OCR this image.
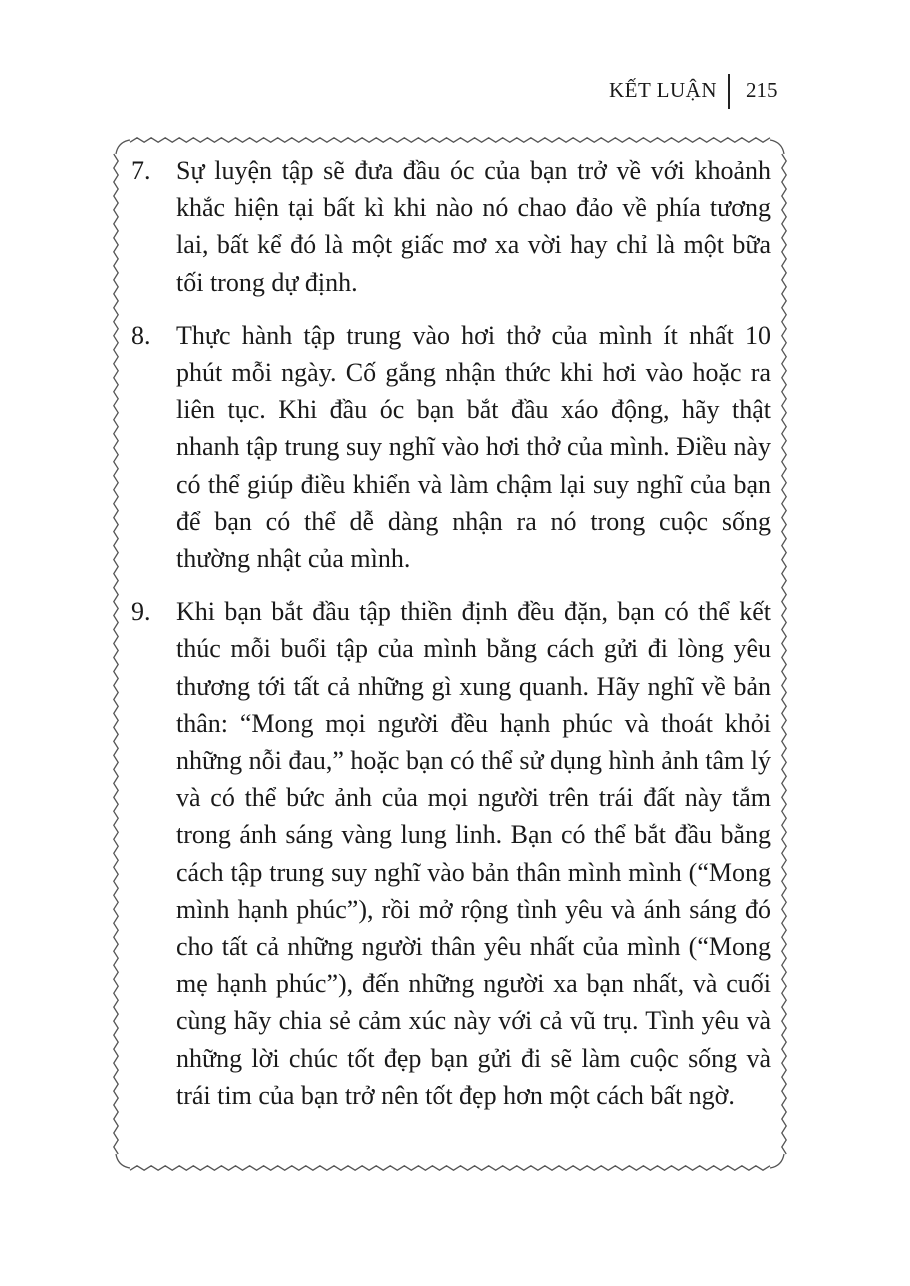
KẾT LUẬN 215
7. Sự luyện tập sẽ đưa đầu óc của bạn trở về với khoảnh khắc hiện tại bất kì khi nào nó chao đảo về phía tương lai, bất kể đó là một giấc mơ xa vời hay chỉ là một bữa tối trong dự định.
8. Thực hành tập trung vào hơi thở của mình ít nhất 10 phút mỗi ngày. Cố gắng nhận thức khi hơi vào hoặc ra liên tục. Khi đầu óc bạn bắt đầu xáo động, hãy thật nhanh tập trung suy nghĩ vào hơi thở của mình. Điều này có thể giúp điều khiển và làm chậm lại suy nghĩ của bạn để bạn có thể dễ dàng nhận ra nó trong cuộc sống thường nhật của mình.
9. Khi bạn bắt đầu tập thiền định đều đặn, bạn có thể kết thúc mỗi buổi tập của mình bằng cách gửi đi lòng yêu thương tới tất cả những gì xung quanh. Hãy nghĩ về bản thân: “Mong mọi người đều hạnh phúc và thoát khỏi những nỗi đau,” hoặc bạn có thể sử dụng hình ảnh tâm lý và có thể bức ảnh của mọi người trên trái đất này tắm trong ánh sáng vàng lung linh. Bạn có thể bắt đầu bằng cách tập trung suy nghĩ vào bản thân mình mình (“Mong mình hạnh phúc”), rồi mở rộng tình yêu và ánh sáng đó cho tất cả những người thân yêu nhất của mình (“Mong mẹ hạnh phúc”), đến những người xa bạn nhất, và cuối cùng hãy chia sẻ cảm xúc này với cả vũ trụ. Tình yêu và những lời chúc tốt đẹp bạn gửi đi sẽ làm cuộc sống và trái tim của bạn trở nên tốt đẹp hơn một cách bất ngờ.
